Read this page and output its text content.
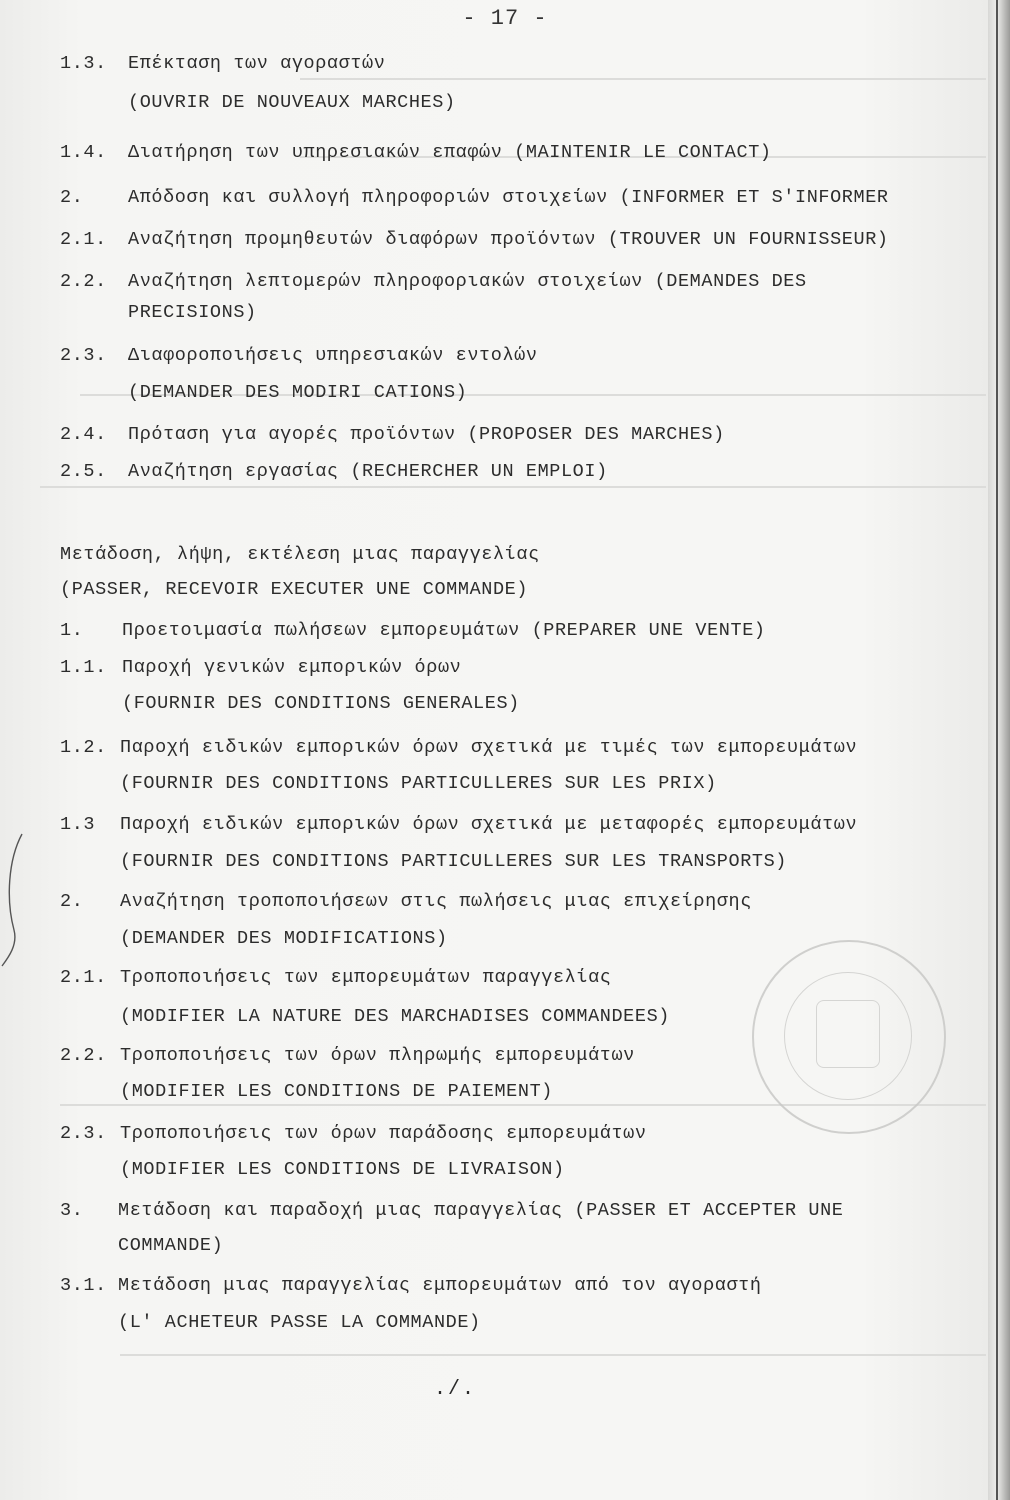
- 17 -
1.3. Επέκταση των αγοραστών
(OUVRIR DE NOUVEAUX MARCHES)
1.4. Διατήρηση των υπηρεσιακών επαφών (MAINTENIR LE CONTACT)
2. Απόδοση και συλλογή πληροφοριών στοιχείων (INFORMER ET S'INFORMER
2.1. Αναζήτηση προμηθευτών διαφόρων προϊόντων (TROUVER UN FOURNISSEUR)
2.2. Αναζήτηση λεπτομερών πληροφοριακών στοιχείων (DEMANDES DES
PRECISIONS)
2.3. Διαφοροποιήσεις υπηρεσιακών εντολών
(DEMANDER DES MODIRI CATIONS)
2.4. Πρόταση για αγορές προϊόντων (PROPOSER DES MARCHES)
2.5. Αναζήτηση εργασίας (RECHERCHER UN EMPLOI)
Μετάδοση, λήψη, εκτέλεση μιας παραγγελίας
(PASSER, RECEVOIR EXECUTER UNE COMMANDE)
1. Προετοιμασία πωλήσεων εμπορευμάτων (PREPARER UNE VENTE)
1.1. Παροχή γενικών εμπορικών όρων
(FOURNIR DES CONDITIONS GENERALES)
1.2. Παροχή ειδικών εμπορικών όρων σχετικά με τιμές των εμπορευμάτων
(FOURNIR DES CONDITIONS PARTICULLERES SUR LES PRIX)
1.3 Παροχή ειδικών εμπορικών όρων σχετικά με μεταφορές εμπορευμάτων
(FOURNIR DES CONDITIONS PARTICULLERES SUR LES TRANSPORTS)
2. Αναζήτηση τροποποιήσεων στις πωλήσεις μιας επιχείρησης
(DEMANDER DES MODIFICATIONS)
2.1. Τροποποιήσεις των εμπορευμάτων παραγγελίας
(MODIFIER LA NATURE DES MARCHADISES COMMANDEES)
2.2. Τροποποιήσεις των όρων πληρωμής εμπορευμάτων
(MODIFIER LES CONDITIONS DE PAIEMENT)
2.3. Τροποποιήσεις των όρων παράδοσης εμπορευμάτων
(MODIFIER LES CONDITIONS DE LIVRAISON)
3. Μετάδοση και παραδοχή μιας παραγγελίας (PASSER ET ACCEPTER UNE
COMMANDE)
3.1. Μετάδοση μιας παραγγελίας εμπορευμάτων από τον αγοραστή
(L' ACHETEUR PASSE LA COMMANDE)
./.
